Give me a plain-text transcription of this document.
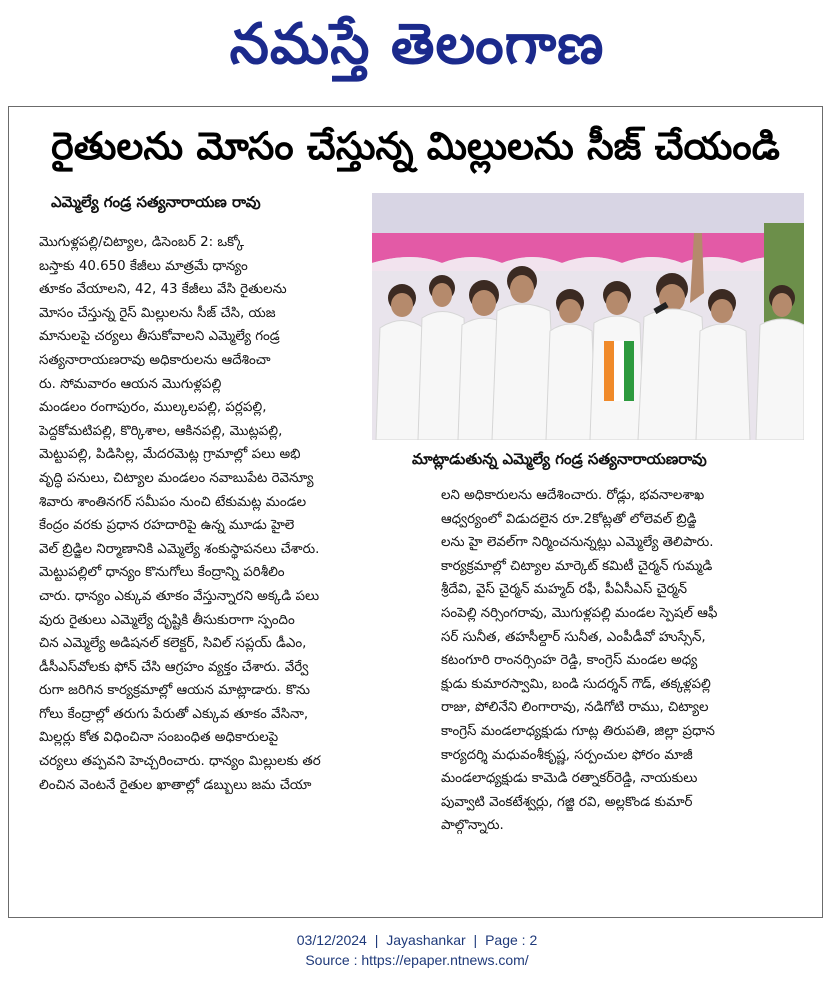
నమస్తే తెలంగాణ
రైతులను మోసం చేస్తున్న మిల్లులను సీజ్ చేయండి
ఎమ్మెల్యే గండ్ర సత్యనారాయణ రావు
మాట్లాడుతున్న ఎమ్మెల్యే గండ్ర సత్యనారాయణరావు
మొగుళ్లపల్లి/చిట్యాల, డిసెంబర్ 2: ఒక్కో
బస్తాకు 40.650 కేజీలు మాత్రమే ధాన్యం
తూకం వేయాలని, 42, 43 కేజీలు వేసి రైతులను
మోసం చేస్తున్న రైస్ మిల్లులను సీజ్ చేసి, యజ
మానులపై చర్యలు తీసుకోవాలని ఎమ్మెల్యే గండ్ర
సత్యనారాయణరావు అధికారులను ఆదేశించా
రు. సోమవారం ఆయన మొగుళ్లపల్లి
మండలం రంగాపురం, ముల్కలపల్లి, పర్లపల్లి,
పెద్దకోమటిపల్లి, కొర్కిశాల, ఆకినపల్లి, మొట్లపల్లి,
మెట్టుపల్లి, పిడిసిల్ల, మేదరమెట్ల గ్రామాల్లో పలు అభి
వృద్ధి పనులు, చిట్యాల మండలం నవాబుపేట రెవెన్యూ
శివారు శాంతినగర్ సమీపం నుంచి టేకుమట్ల మండల
కేంద్రం వరకు ప్రధాన రహదారిపై ఉన్న మూడు హైలె
వెల్ బ్రిడ్జిల నిర్మాణానికి ఎమ్మెల్యే శంకుస్థాపనలు చేశారు.
మెట్టుపల్లిలో ధాన్యం కొనుగోలు కేంద్రాన్ని పరిశీలిం
చారు. ధాన్యం ఎక్కువ తూకం వేస్తున్నారని అక్కడి పలు
వురు రైతులు ఎమ్మెల్యే దృష్టికి తీసుకురాగా స్పందిం
చిన ఎమ్మెల్యే అడిషనల్ కలెక్టర్, సివిల్ సప్లయ్ డీఎం,
డీసీఎస్‌వోలకు ఫోన్ చేసి ఆగ్రహం వ్యక్తం చేశారు. వేర్వే
రుగా జరిగిన కార్యక్రమాల్లో ఆయన మాట్లాడారు. కొను
గోలు కేంద్రాల్లో తరుగు పేరుతో ఎక్కువ తూకం వేసినా,
మిల్లర్లు కోత విధించినా సంబంధిత అధికారులపై
చర్యలు తప్పవని హెచ్చరించారు. ధాన్యం మిల్లులకు తర
లించిన వెంటనే రైతుల ఖాతాల్లో డబ్బులు జమ చేయా
లని అధికారులను ఆదేశించారు. రోడ్లు, భవనాలశాఖ
ఆధ్వర్యంలో విడుదలైన రూ.2కోట్లతో లోలెవల్ బ్రిడ్జి
లను హై లెవల్‌గా నిర్మించనున్నట్లు ఎమ్మెల్యే తెలిపారు.
కార్యక్రమాల్లో చిట్యాల మార్కెట్ కమిటీ చైర్మన్ గుమ్మడి
శ్రీదేవి, వైస్ చైర్మన్ మహ్మద్ రఫీ, పీఏసీఎస్ చైర్మన్
సంపెల్లి నర్సింగరావు, మొగుళ్లపల్లి మండల స్పెషల్ ఆఫీ
సర్ సునీత, తహసీల్దార్ సునీత, ఎంపీడీవో హుస్సేన్,
కటంగూరి రాంనర్సింహ రెడ్డి, కాంగ్రెస్ మండల అధ్య
క్షుడు కుమారస్వామి, బండి సుదర్శన్ గౌడ్, తక్కళ్లపల్లి
రాజు, పోలినేని లింగారావు, నడిగోటి రాము, చిట్యాల
కాంగ్రెస్ మండలాధ్యక్షుడు గూట్ల తిరుపతి, జిల్లా ప్రధాన
కార్యదర్శి మధువంశీకృష్ణ, సర్పంచుల ఫోరం మాజీ
మండలాధ్యక్షుడు కామెడి రత్నాకర్‌రెడ్డి, నాయకులు
పువ్వాటి వెంకటేశ్వర్లు, గజ్జి రవి, అల్లకొండ కుమార్
పాల్గొన్నారు.
03/12/2024 | Jayashankar | Page : 2
Source : https://epaper.ntnews.com/
